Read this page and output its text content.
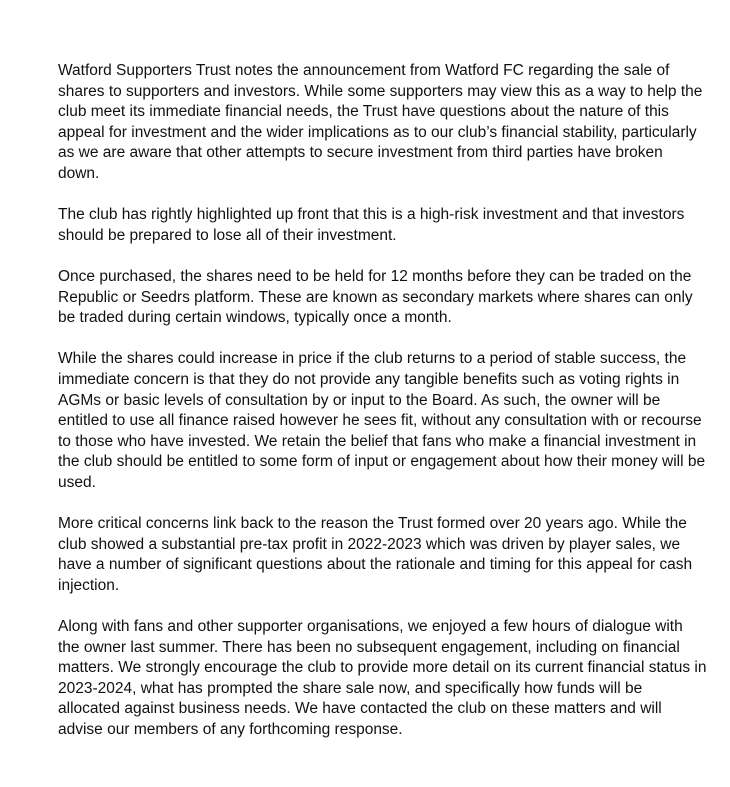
Watford Supporters Trust notes the announcement from Watford FC regarding the sale of shares to supporters and investors. While some supporters may view this as a way to help the club meet its immediate financial needs, the Trust have questions about the nature of this appeal for investment and the wider implications as to our club’s financial stability, particularly as we are aware that other attempts to secure investment from third parties have broken down.

The club has rightly highlighted up front that this is a high-risk investment and that investors should be prepared to lose all of their investment.

Once purchased, the shares need to be held for 12 months before they can be traded on the Republic or Seedrs platform. These are known as secondary markets where shares can only be traded during certain windows, typically once a month.

While the shares could increase in price if the club returns to a period of stable success, the immediate concern is that they do not provide any tangible benefits such as voting rights in AGMs or basic levels of consultation by or input to the Board. As such, the owner will be entitled to use all finance raised however he sees fit, without any consultation with or recourse to those who have invested. We retain the belief that fans who make a financial investment in the club should be entitled to some form of input or engagement about how their money will be used.

More critical concerns link back to the reason the Trust formed over 20 years ago. While the club showed a substantial pre-tax profit in 2022-2023 which was driven by player sales, we have a number of significant questions about the rationale and timing for this appeal for cash injection.

Along with fans and other supporter organisations, we enjoyed a few hours of dialogue with the owner last summer. There has been no subsequent engagement, including on financial matters. We strongly encourage the club to provide more detail on its current financial status in 2023-2024, what has prompted the share sale now, and specifically how funds will be allocated against business needs. We have contacted the club on these matters and will advise our members of any forthcoming response.
